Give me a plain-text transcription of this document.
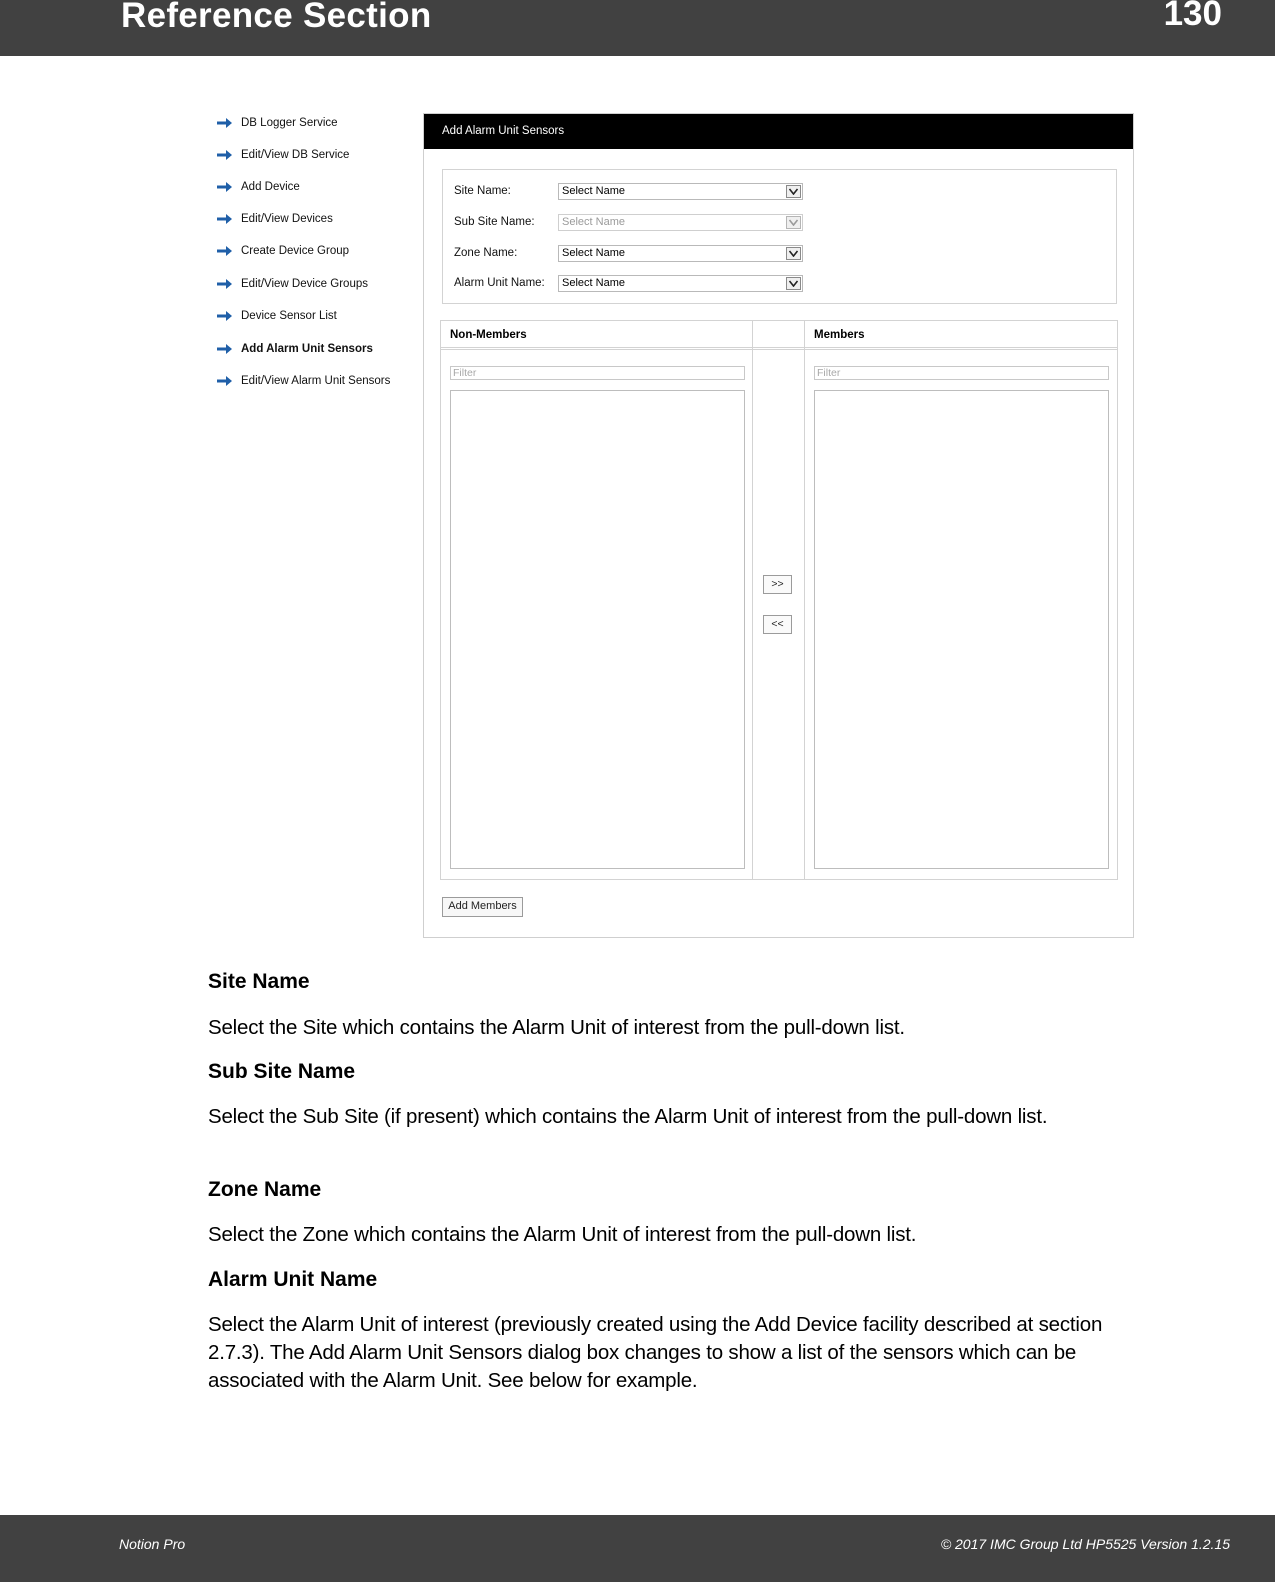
Reference Section	130
DB Logger Service
Edit/View DB Service
Add Device
Edit/View Devices
Create Device Group
Edit/View Device Groups
Device Sensor List
Add Alarm Unit Sensors
Edit/View Alarm Unit Sensors
Add Alarm Unit Sensors
Site Name:	Select Name
Sub Site Name:	Select Name
Zone Name:	Select Name
Alarm Unit Name:	Select Name
Non-Members
Filter
>>
<<
Members
Filter
Add Members
Site Name
Select the Site which contains the Alarm Unit of interest from the pull-down list.
Sub Site Name
Select the Sub Site (if present) which contains the Alarm Unit of interest from the pull-down list.
Zone Name
Select the Zone which contains the Alarm Unit of interest from the pull-down list.
Alarm Unit Name
Select the Alarm Unit of interest (previously created using the Add Device facility described at section 2.7.3). The Add Alarm Unit Sensors dialog box changes to show a list of the sensors which can be associated with the Alarm Unit. See below for example.
Notion Pro	© 2017 IMC Group Ltd HP5525 Version 1.2.15
